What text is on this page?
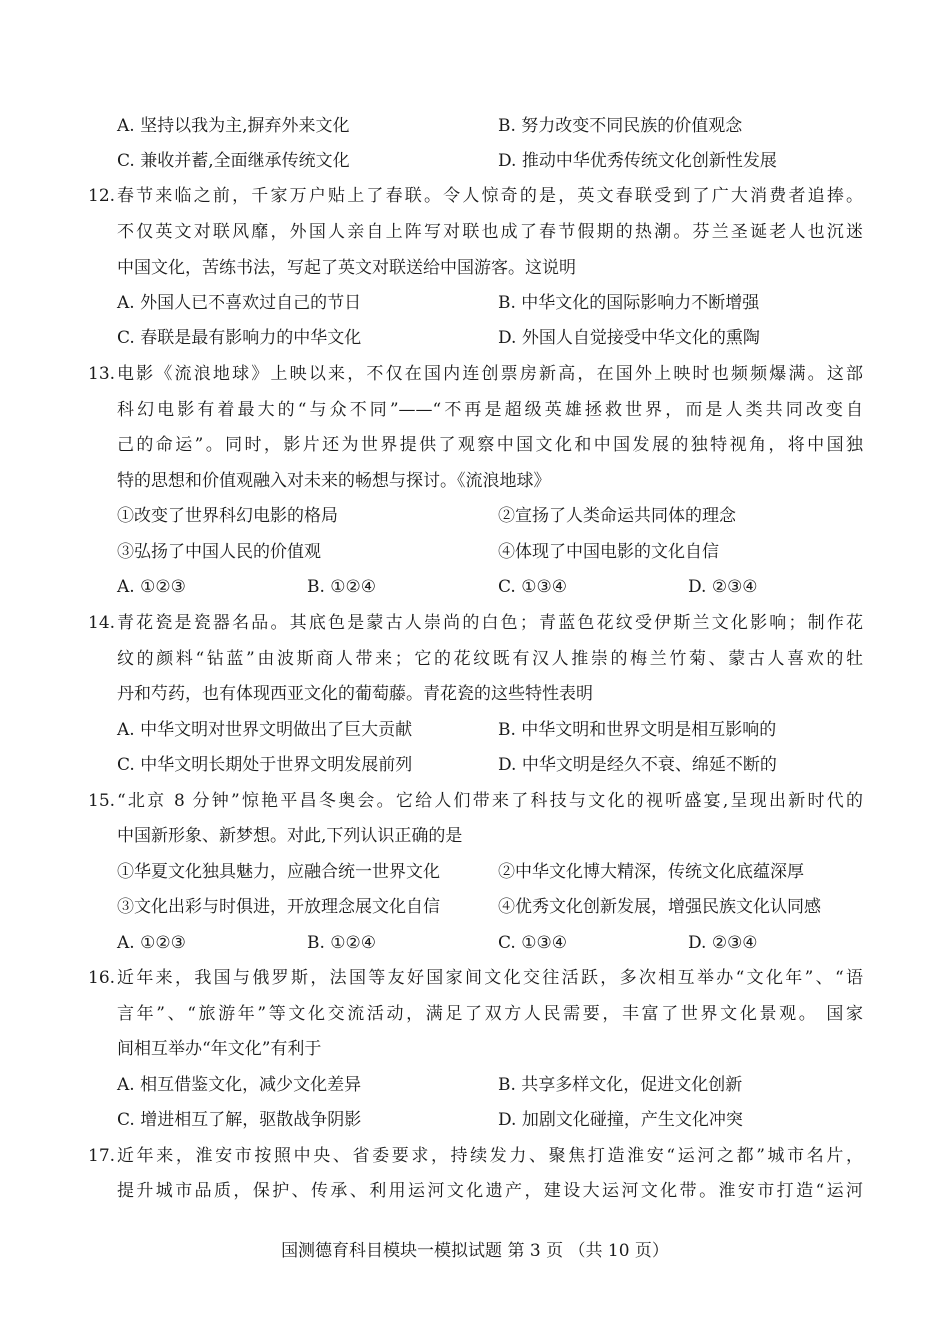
A. 坚持以我为主,摒弃外来文化	B. 努力改变不同民族的价值观念
C. 兼收并蓄,全面继承传统文化	D. 推动中华优秀传统文化创新性发展
12. 春节来临之前，千家万户贴上了春联。令人惊奇的是，英文春联受到了广大消费者追捧。
不仅英文对联风靡，外国人亲自上阵写对联也成了春节假期的热潮。芬兰圣诞老人也沉迷
中国文化，苦练书法，写起了英文对联送给中国游客。这说明
A. 外国人已不喜欢过自己的节日	B. 中华文化的国际影响力不断增强
C. 春联是最有影响力的中华文化	D. 外国人自觉接受中华文化的熏陶
13. 电影《流浪地球》上映以来，不仅在国内连创票房新高，在国外上映时也频频爆满。这部
科幻电影有着最大的“与众不同”——“不再是超级英雄拯救世界，而是人类共同改变自
己的命运”。同时，影片还为世界提供了观察中国文化和中国发展的独特视角，将中国独
特的思想和价值观融入对未来的畅想与探讨。《流浪地球》
①改变了世界科幻电影的格局	②宣扬了人类命运共同体的理念
③弘扬了中国人民的价值观	④体现了中国电影的文化自信
A. ①②③	B. ①②④	C. ①③④	D. ②③④
14. 青花瓷是瓷器名品。其底色是蒙古人崇尚的白色；青蓝色花纹受伊斯兰文化影响；制作花
纹的颜料“钻蓝”由波斯商人带来；它的花纹既有汉人推崇的梅兰竹菊、蒙古人喜欢的牡
丹和芍药，也有体现西亚文化的葡萄藤。青花瓷的这些特性表明
A. 中华文明对世界文明做出了巨大贡献	B. 中华文明和世界文明是相互影响的
C. 中华文明长期处于世界文明发展前列	D. 中华文明是经久不衰、绵延不断的
15. “北京 8 分钟”惊艳平昌冬奥会。它给人们带来了科技与文化的视听盛宴,呈现出新时代的
中国新形象、新梦想。对此,下列认识正确的是
①华夏文化独具魅力，应融合统一世界文化	②中华文化博大精深，传统文化底蕴深厚
③文化出彩与时俱进，开放理念展文化自信	④优秀文化创新发展，增强民族文化认同感
A. ①②③	B. ①②④	C. ①③④	D. ②③④
16. 近年来，我国与俄罗斯，法国等友好国家间文化交往活跃，多次相互举办“文化年”、“语
言年”、“旅游年”等文化交流活动，满足了双方人民需要，丰富了世界文化景观。 国家
间相互举办“年文化”有利于
A. 相互借鉴文化，减少文化差异	B. 共享多样文化，促进文化创新
C. 增进相互了解，驱散战争阴影	D. 加剧文化碰撞，产生文化冲突
17. 近年来，淮安市按照中央、省委要求，持续发力、聚焦打造淮安“运河之都”城市名片，
提升城市品质，保护、传承、利用运河文化遗产，建设大运河文化带。淮安市打造“运河
国测德育科目模块一模拟试题 第 3 页 （共 10 页）
